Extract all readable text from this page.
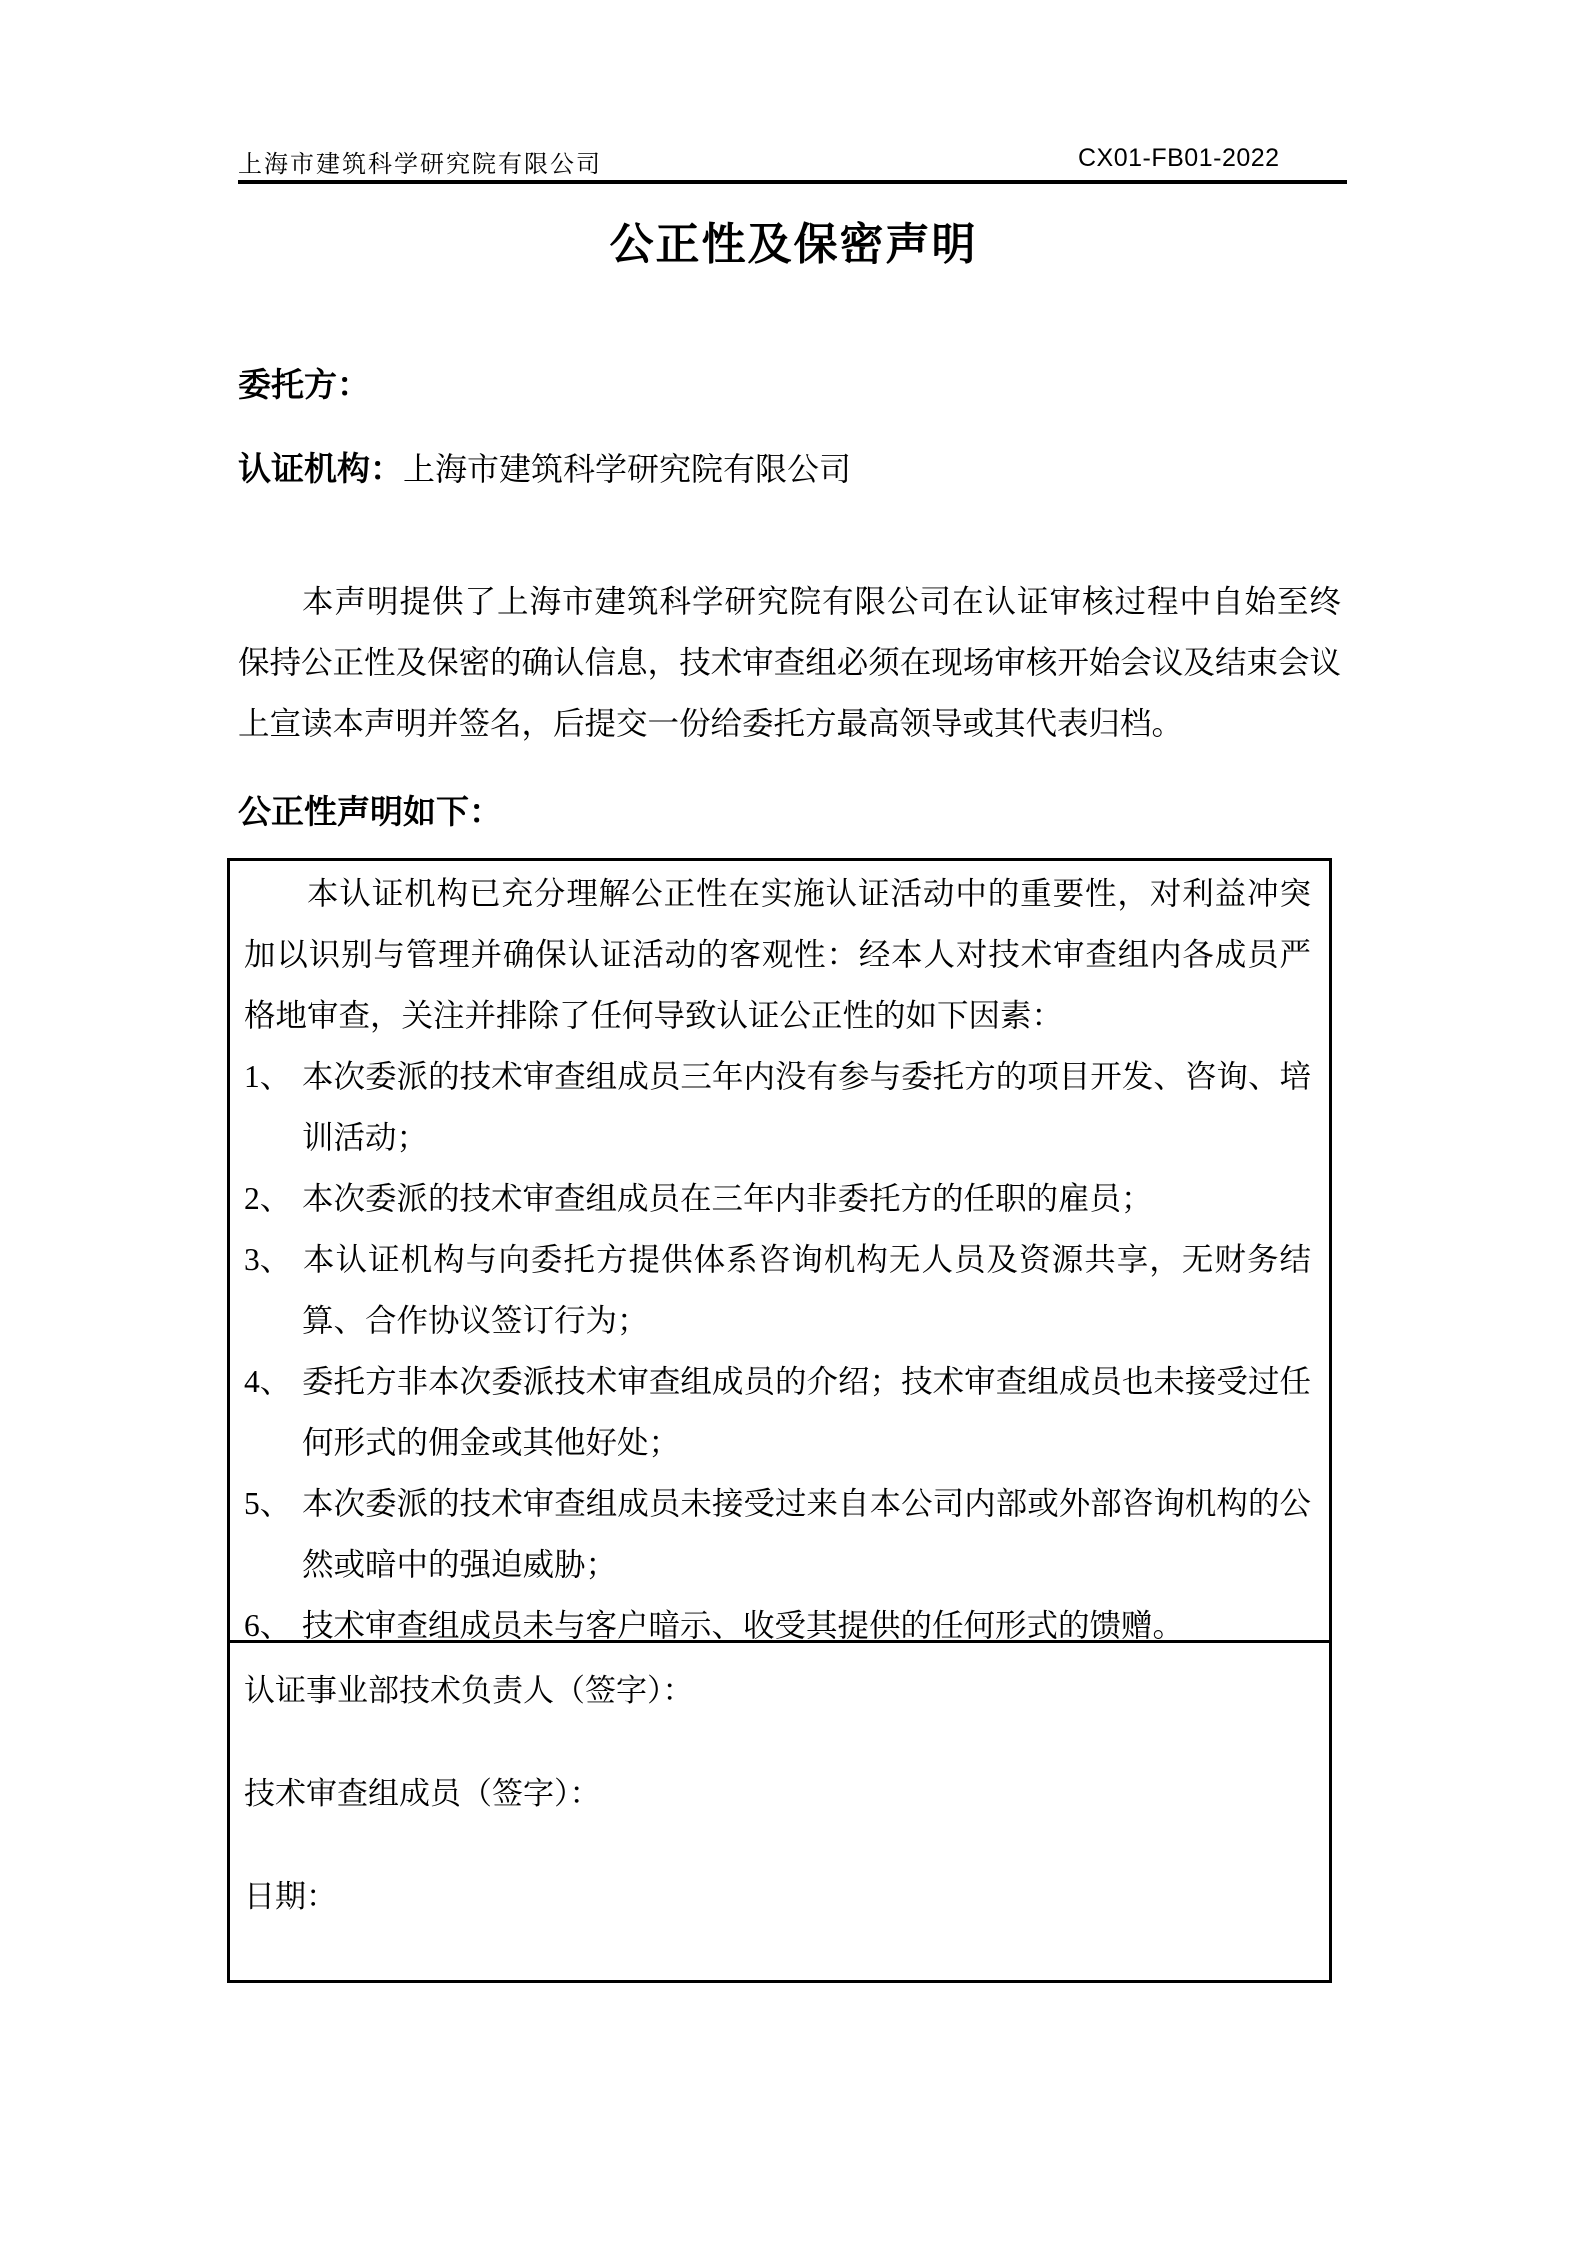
上海市建筑科学研究院有限公司	CX01-FB01-2022
公正性及保密声明
委托方：
认证机构：上海市建筑科学研究院有限公司
本声明提供了上海市建筑科学研究院有限公司在认证审核过程中自始至终保持公正性及保密的确认信息，技术审查组必须在现场审核开始会议及结束会议上宣读本声明并签名，后提交一份给委托方最高领导或其代表归档。
公正性声明如下：
本认证机构已充分理解公正性在实施认证活动中的重要性，对利益冲突加以识别与管理并确保认证活动的客观性：经本人对技术审查组内各成员严格地审查，关注并排除了任何导致认证公正性的如下因素：
1、 本次委派的技术审查组成员三年内没有参与委托方的项目开发、咨询、培训活动；
2、 本次委派的技术审查组成员在三年内非委托方的任职的雇员；
3、 本认证机构与向委托方提供体系咨询机构无人员及资源共享，无财务结算、合作协议签订行为；
4、 委托方非本次委派技术审查组成员的介绍；技术审查组成员也未接受过任何形式的佣金或其他好处；
5、 本次委派的技术审查组成员未接受过来自本公司内部或外部咨询机构的公然或暗中的强迫威胁；
6、 技术审查组成员未与客户暗示、收受其提供的任何形式的馈赠。
认证事业部技术负责人（签字）：
技术审查组成员（签字）：
日期：
